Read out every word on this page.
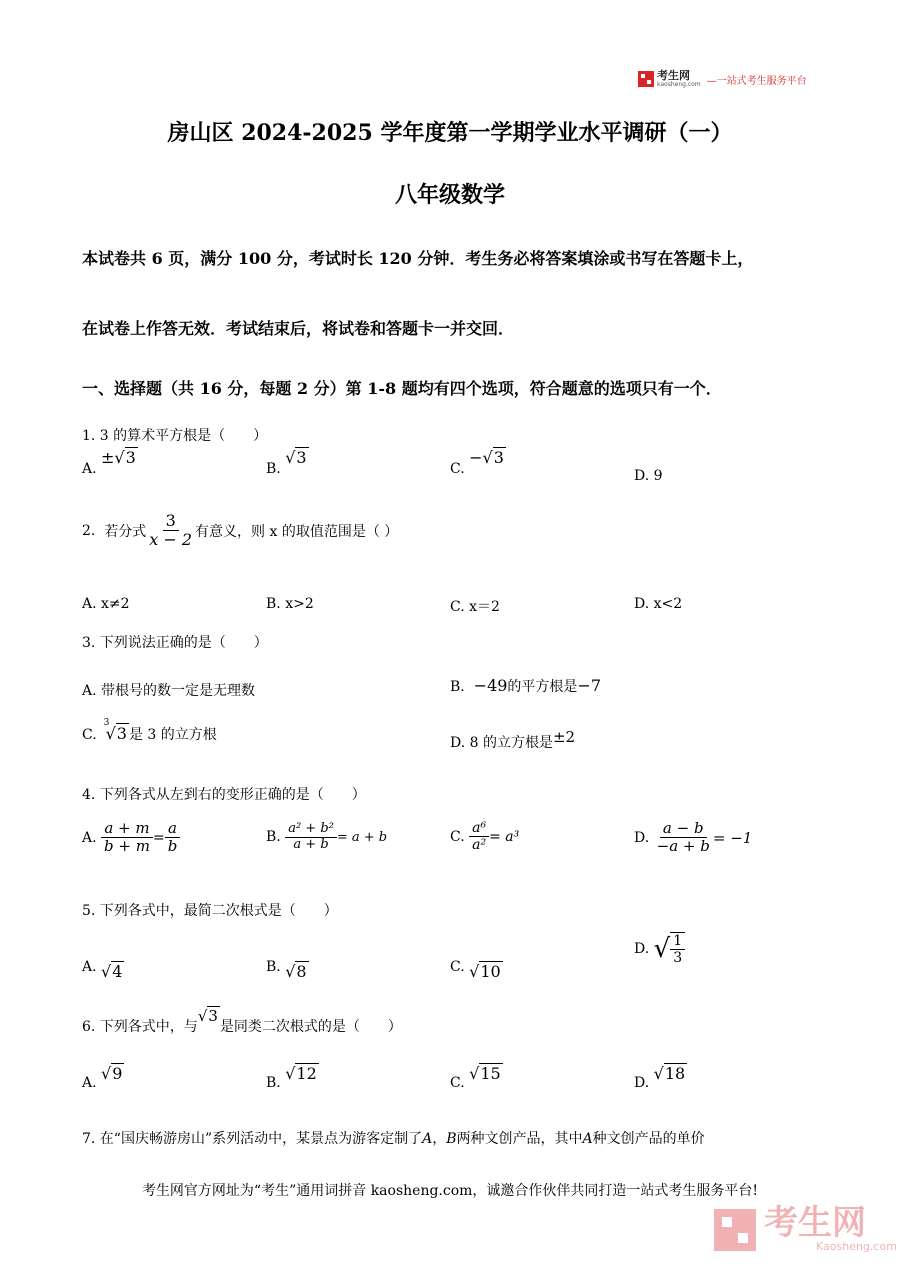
考生网
kaosheng.com —一站式考生服务平台
房山区 2024-2025 学年度第一学期学业水平调研（一）
八年级数学
本试卷共 6 页，满分 100 分，考试时长 120 分钟．考生务必将答案填涂或书写在答题卡上，
在试卷上作答无效．考试结束后，将试卷和答题卡一并交回．
一、选择题（共 16 分，每题 2 分）第 1-8 题均有四个选项，符合题意的选项只有一个．
1. 3 的算术平方根是（　　）
A. ±√3
B. √3
C. −√3
D. 9
2.
若分式 $\frac{3}{x - 2}$ 有意义，则 x 的取值范围是（ ）
A. x≠2	B. x>2	C. x＝2	D. x<2
3. 下列说法正确的是（　　）
A. 带根号的数一定是无理数	B. −49的平方根是−7
C.
3
√3 是 3 的立方根	D. 8 的立方根是±2
4. 下列各式从左到右的变形正确的是（　　）
A.
$\frac{a + m}{b + m} = \frac{a}{b}$	B.
$\frac{\text{a² + b²}}{a + b} = a + b$	C.
$\frac{\text{a⁶}}{\text{a²}} = a^3$	D.
$\frac{a - b}{-a + b} = -1$
5. 下列各式中，最简二次根式是（　　）
A. √4	B. √8	C. √10
D.
√ $\frac{1}{3}$
6. 下列各式中，与√3是同类二次根式的是（　　）
A. √9	B. √12	C. √15	D. √18
7. 在“国庆畅游房山”系列活动中，某景点为游客定制了A，B两种文创产品，其中A种文创产品的单价
考生网官方网址为“考生”通用词拼音 kaosheng.com，诚邀合作伙伴共同打造一站式考生服务平台!
考生网
Kaosheng.com
